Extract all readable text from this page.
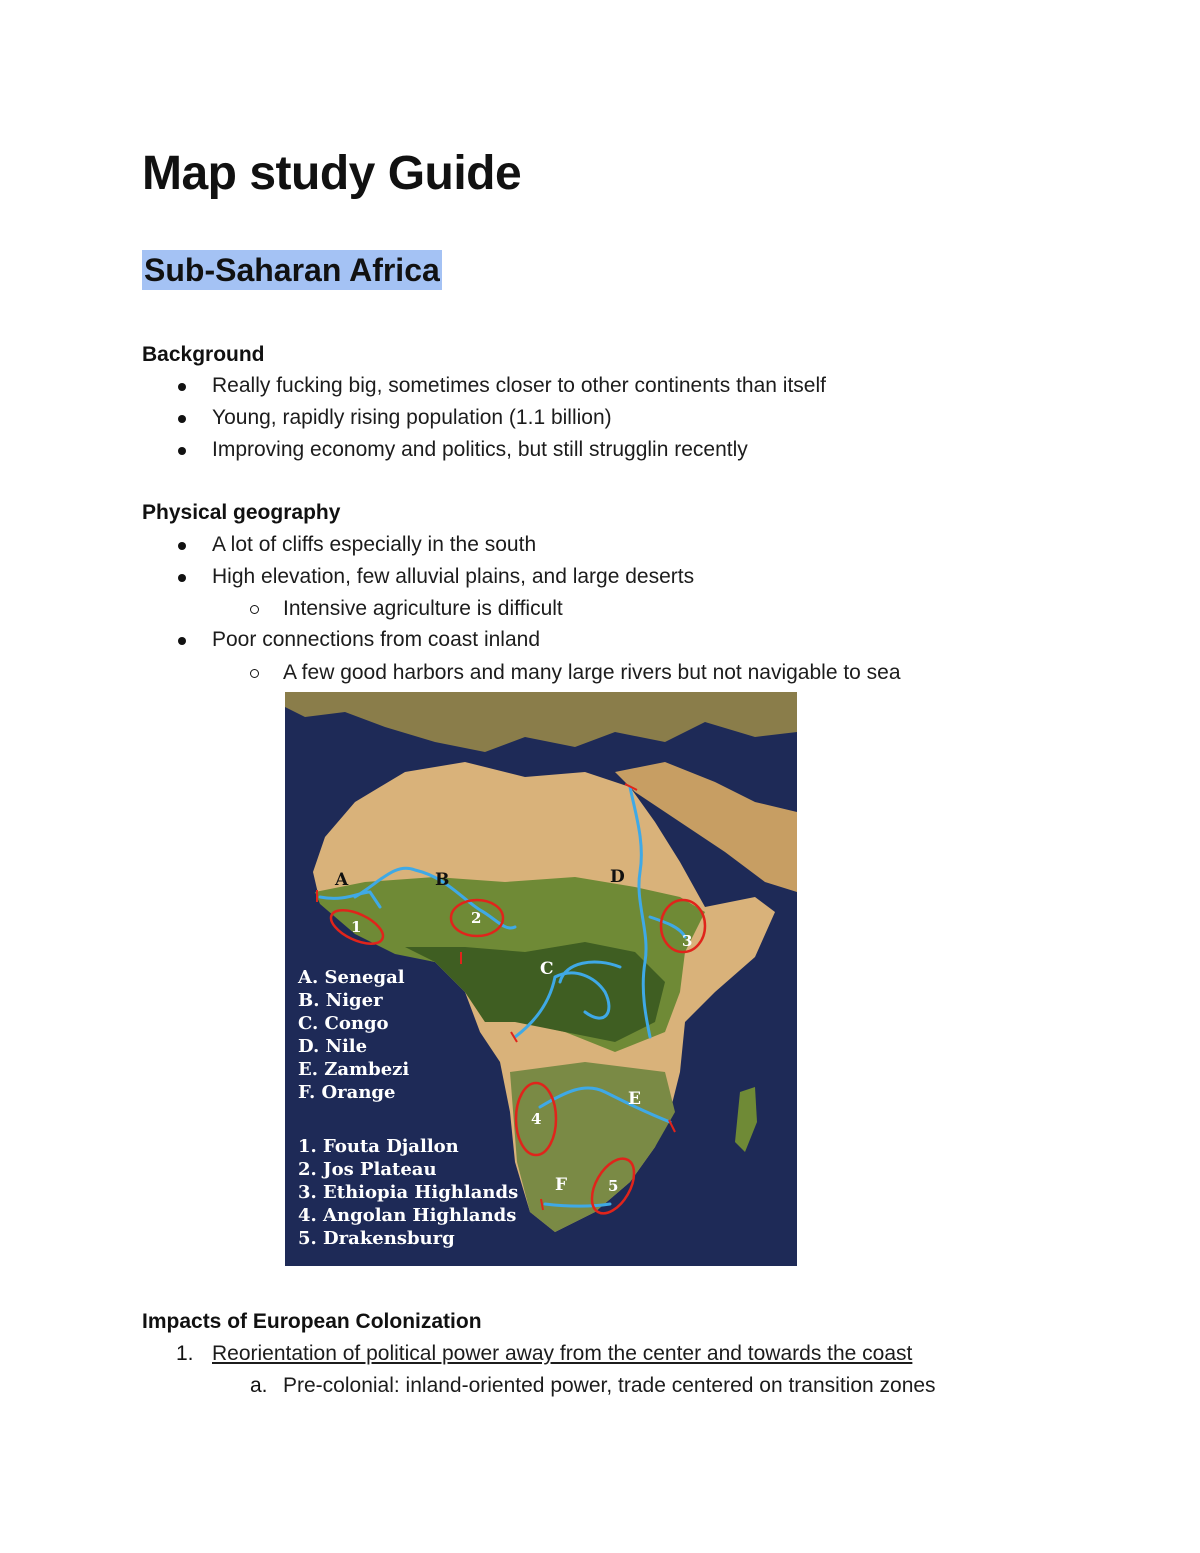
Map study Guide
Sub-Saharan Africa
Background
Really fucking big, sometimes closer to other continents than itself
Young, rapidly rising population (1.1 billion)
Improving economy and politics, but still strugglin recently
Physical geography
A lot of cliffs especially in the south
High elevation, few alluvial plains, and large deserts
Intensive agriculture is difficult
Poor connections from coast inland
A few good harbors and many large rivers but not navigable to sea
A	B
C
D
E
F
1	2
3
4
5
A. Senegal
B. Niger
C. Congo
D. Nile
E. Zambezi
F. Orange
1. Fouta Djallon
2. Jos Plateau
3. Ethiopia Highlands
4. Angolan Highlands
5. Drakensburg
Impacts of European Colonization
1. Reorientation of political power away from the center and towards the coast
a. Pre-colonial: inland-oriented power, trade centered on transition zones
